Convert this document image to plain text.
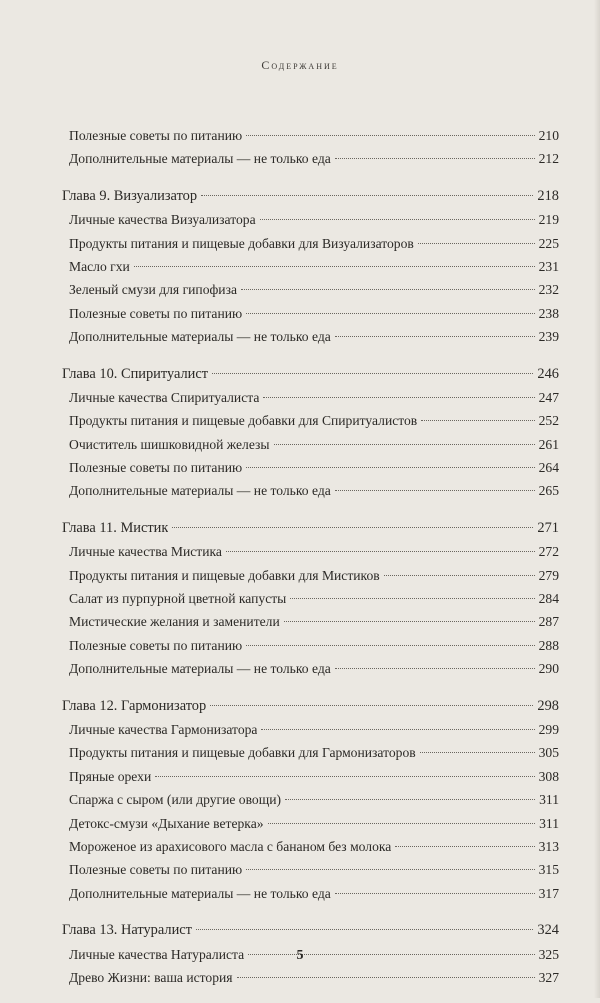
Содержание
Полезные советы по питанию	210
Дополнительные материалы — не только еда	212
Глава 9. Визуализатор	218
Личные качества Визуализатора	219
Продукты питания и пищевые добавки для Визуализаторов	225
Масло гхи	231
Зеленый смузи для гипофиза	232
Полезные советы по питанию	238
Дополнительные материалы — не только еда	239
Глава 10. Спиритуалист	246
Личные качества Спиритуалиста	247
Продукты питания и пищевые добавки для Спиритуалистов	252
Очиститель шишковидной железы	261
Полезные советы по питанию	264
Дополнительные материалы — не только еда	265
Глава 11. Мистик	271
Личные качества Мистика	272
Продукты питания и пищевые добавки для Мистиков	279
Салат из пурпурной цветной капусты	284
Мистические желания и заменители	287
Полезные советы по питанию	288
Дополнительные материалы — не только еда	290
Глава 12. Гармонизатор	298
Личные качества Гармонизатора	299
Продукты питания и пищевые добавки для Гармонизаторов	305
Пряные орехи	308
Спаржа с сыром (или другие овощи)	311
Детокс-смузи «Дыхание ветерка»	311
Мороженое из арахисового масла с бананом без молока	313
Полезные советы по питанию	315
Дополнительные материалы — не только еда	317
Глава 13. Натуралист	324
Личные качества Натуралиста	325
Древо Жизни: ваша история	327
5
